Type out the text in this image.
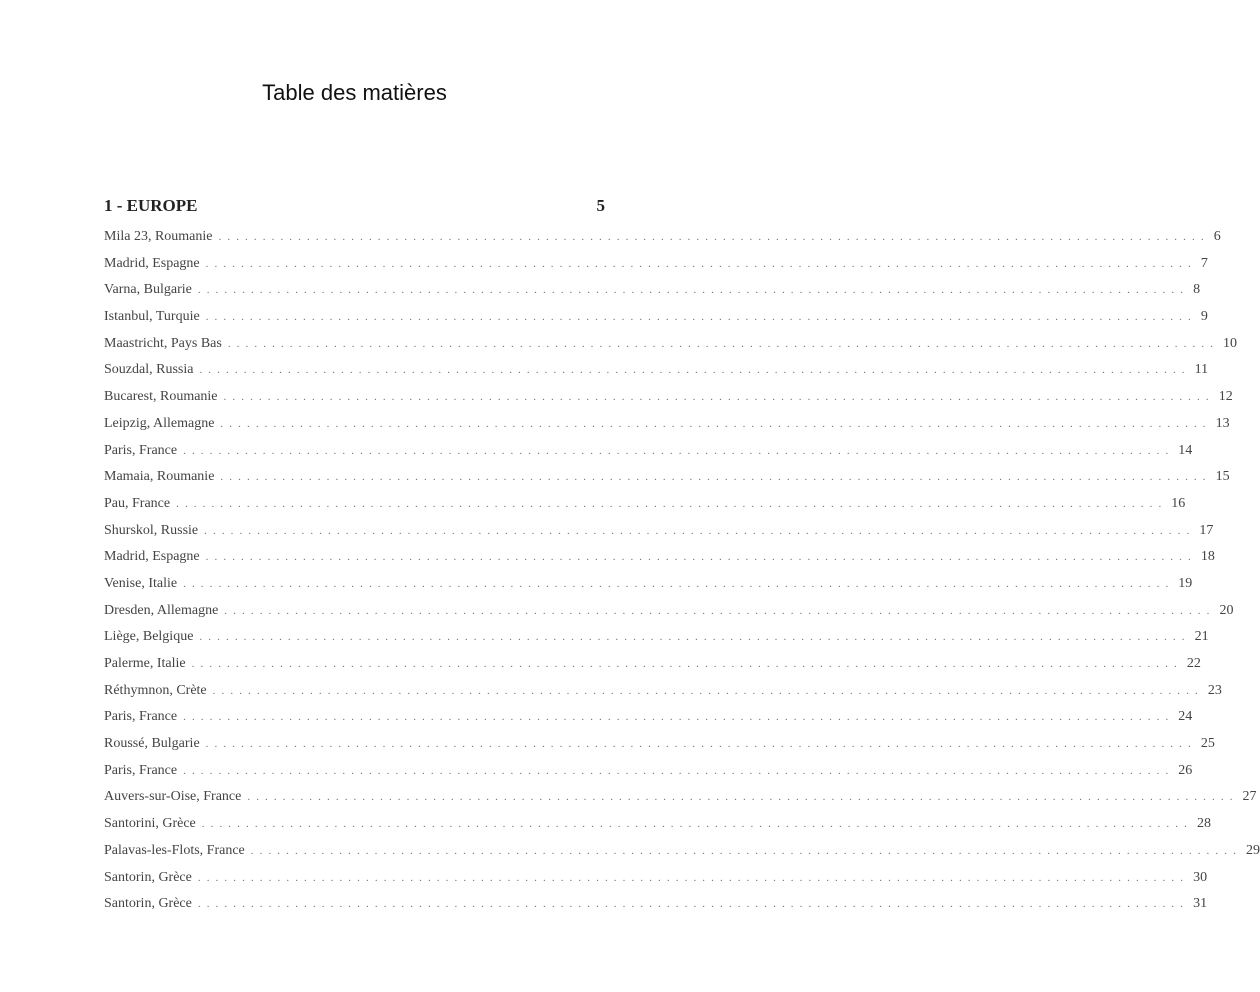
Table des matières
1 - EUROPE	5
Mila 23, Roumanie ................................................................................................................ 6
Madrid, Espagne ................................................................................................................ 7
Varna, Bulgarie ................................................................................................................ 8
Istanbul, Turquie ................................................................................................................ 9
Maastricht, Pays Bas ................................................................................................................ 10
Souzdal, Russia ................................................................................................................ 11
Bucarest, Roumanie ................................................................................................................ 12
Leipzig, Allemagne ................................................................................................................ 13
Paris, France ................................................................................................................ 14
Mamaia, Roumanie ................................................................................................................ 15
Pau, France ................................................................................................................ 16
Shurskol, Russie ................................................................................................................ 17
Madrid, Espagne ................................................................................................................ 18
Venise, Italie ................................................................................................................ 19
Dresden, Allemagne ................................................................................................................ 20
Liège, Belgique ................................................................................................................ 21
Palerme, Italie ................................................................................................................ 22
Réthymnon, Crète ................................................................................................................ 23
Paris, France ................................................................................................................ 24
Roussé, Bulgarie ................................................................................................................ 25
Paris, France ................................................................................................................ 26
Auvers-sur-Oise, France ................................................................................................................ 27
Santorini, Grèce ................................................................................................................ 28
Palavas-les-Flots, France ................................................................................................................ 29
Santorin, Grèce ................................................................................................................ 30
Santorin, Grèce ................................................................................................................ 31
